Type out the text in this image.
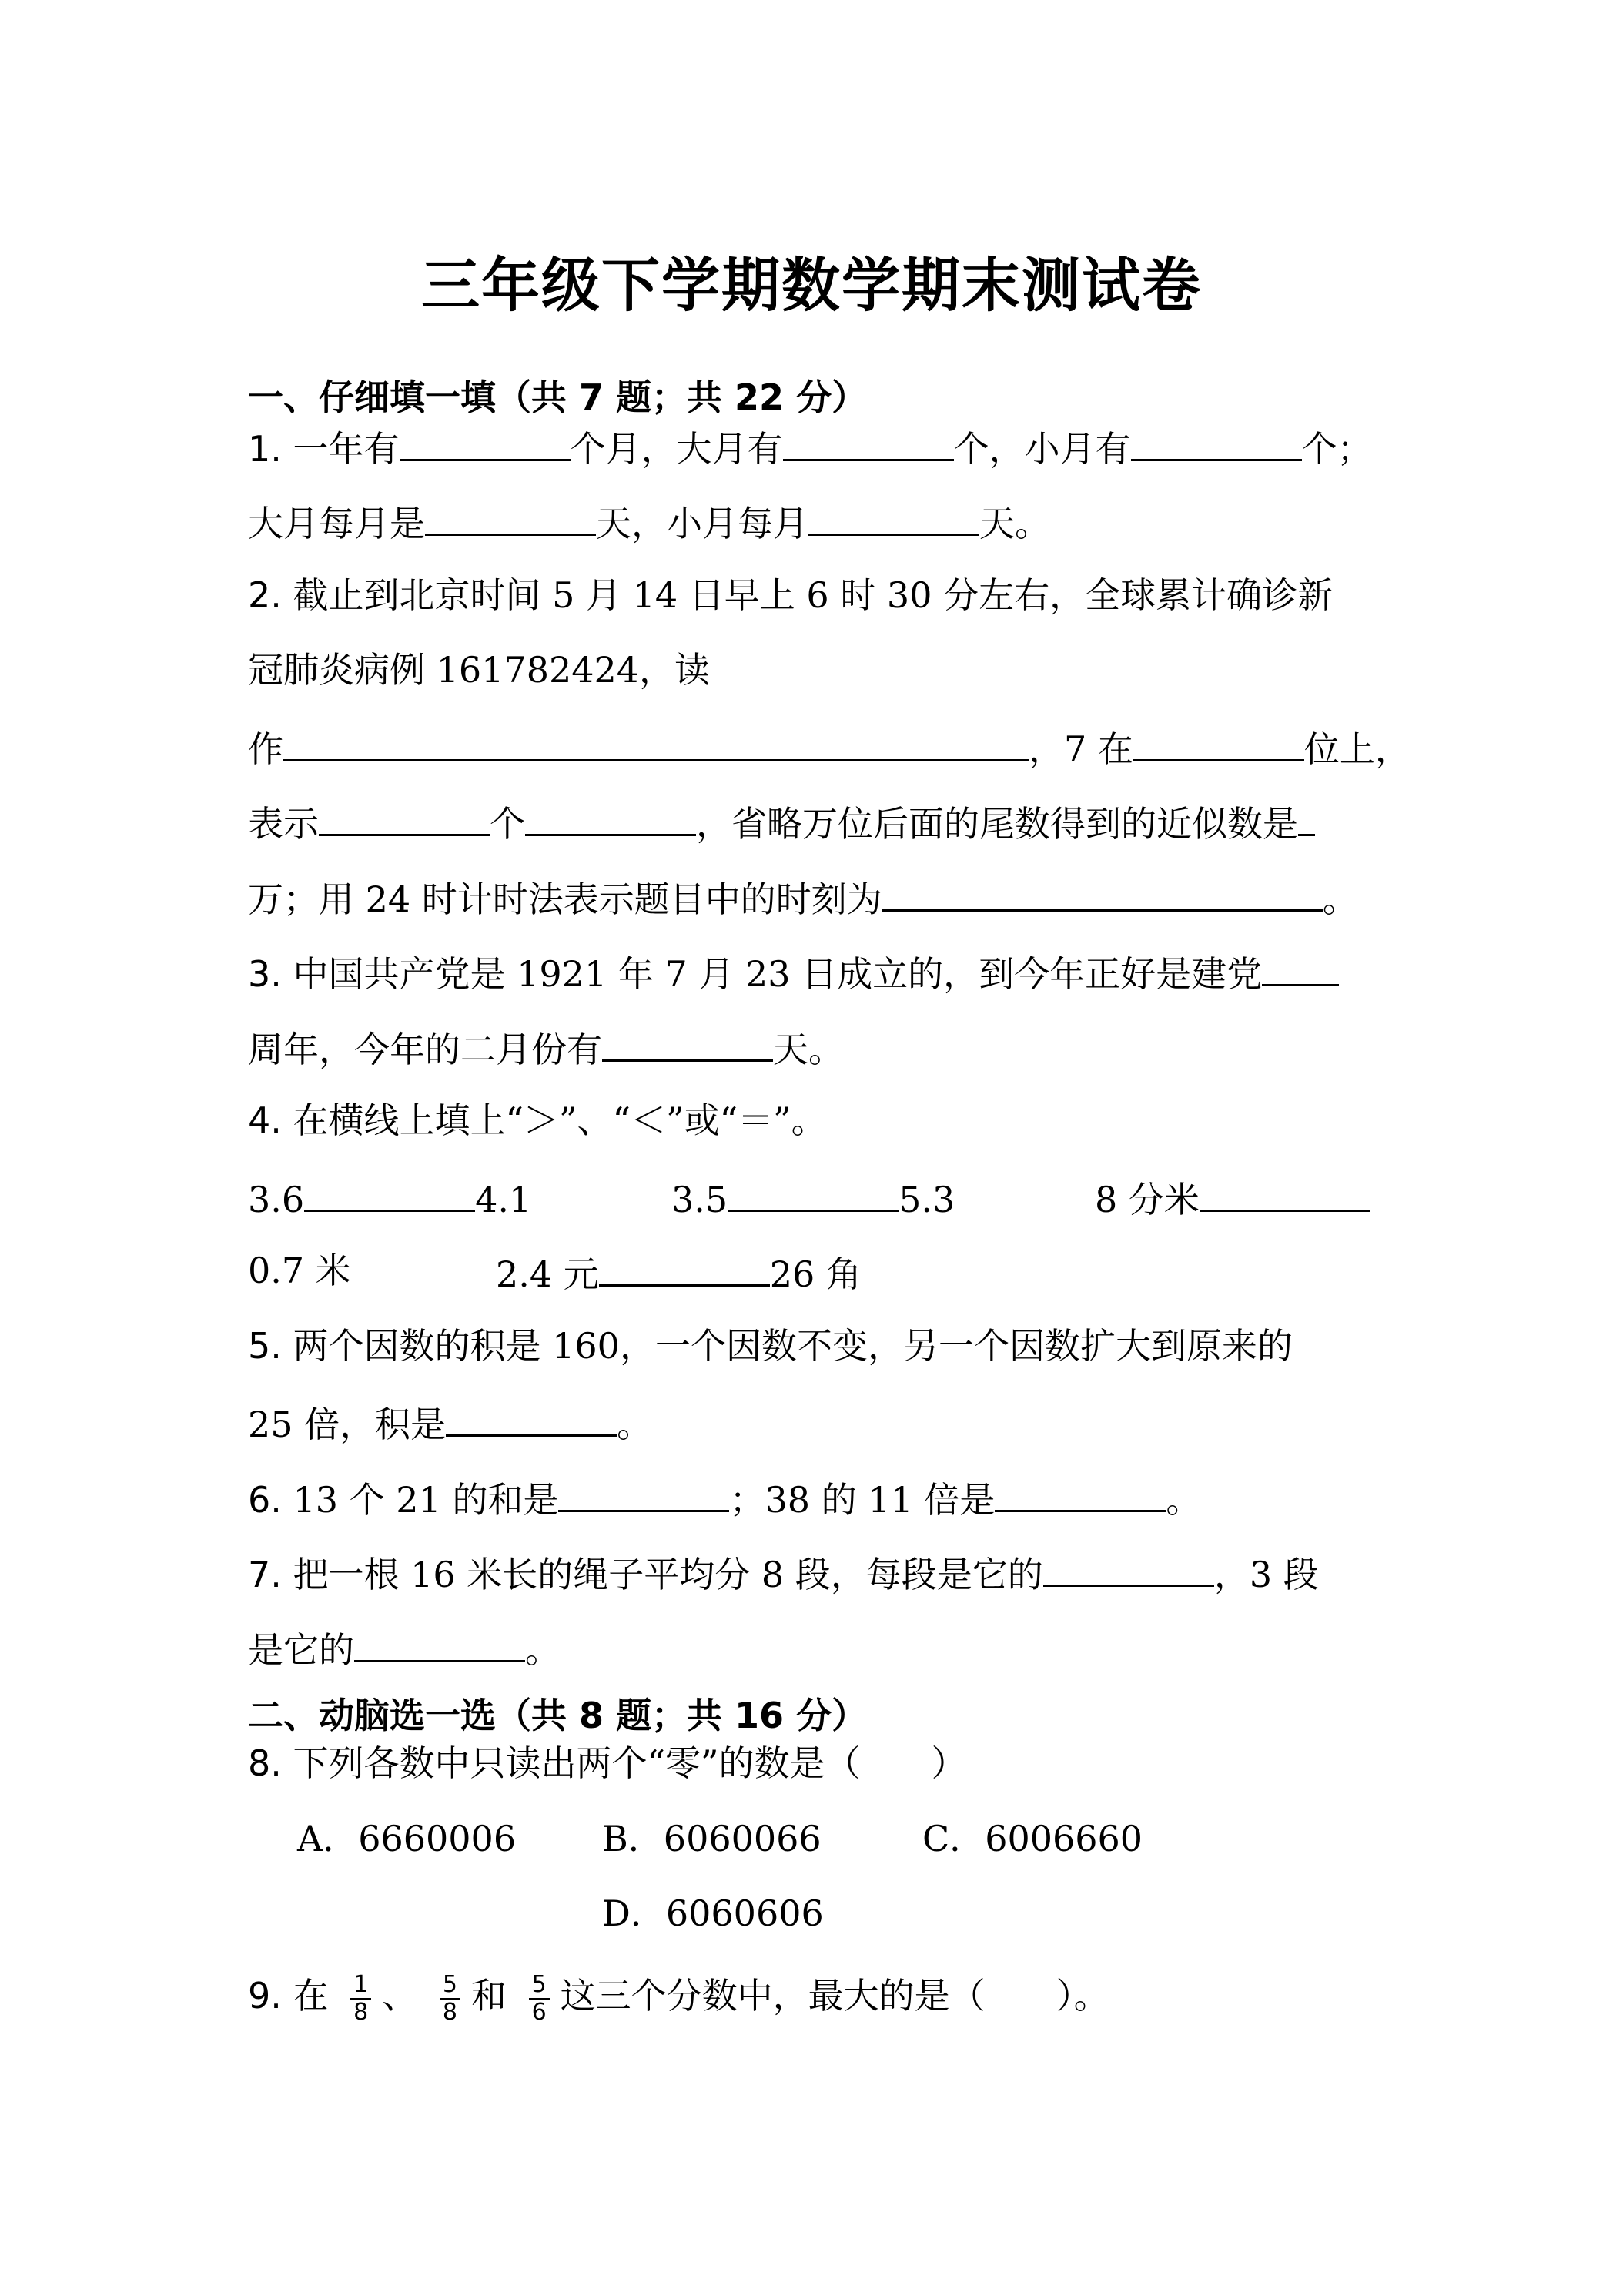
三年级下学期数学期末测试卷
一、仔细填一填（共 7 题；共 22 分）
1. 一年有	个月，大月有	个，小月有	个；
大月每月是	天，小月每月	天。
2. 截止到北京时间 5 月 14 日早上 6 时 30 分左右，全球累计确诊新
冠肺炎病例 161782424，读
作	，7 在	位上，
表示	个	，省略万位后面的尾数得到的近似数是
万；用 24 时计时法表示题目中的时刻为	。
3. 中国共产党是 1921 年 7 月 23 日成立的，到今年正好是建党
周年，今年的二月份有	天。
4. 在横线上填上“＞”、“＜”或“＝”。
3.6	4.1	3.5	5.3	8 分米
0.7 米	2.4 元	26 角
5. 两个因数的积是 160，一个因数不变，另一个因数扩大到原来的
25 倍，积是	。
6. 13 个 21 的和是	；38 的 11 倍是	。
7. 把一根 16 米长的绳子平均分 8 段，每段是它的	，3 段
是它的	。
二、动脑选一选（共 8 题；共 16 分）
8. 下列各数中只读出两个“零”的数是（　　）
A．6660006 B．6060066	C．6006660
D．6060606
9. 在 $\frac{1}{8}$ 、 $\frac{5}{8}$ 和 $\frac{5}{6}$ 这三个分数中，最大的是（　　）。
